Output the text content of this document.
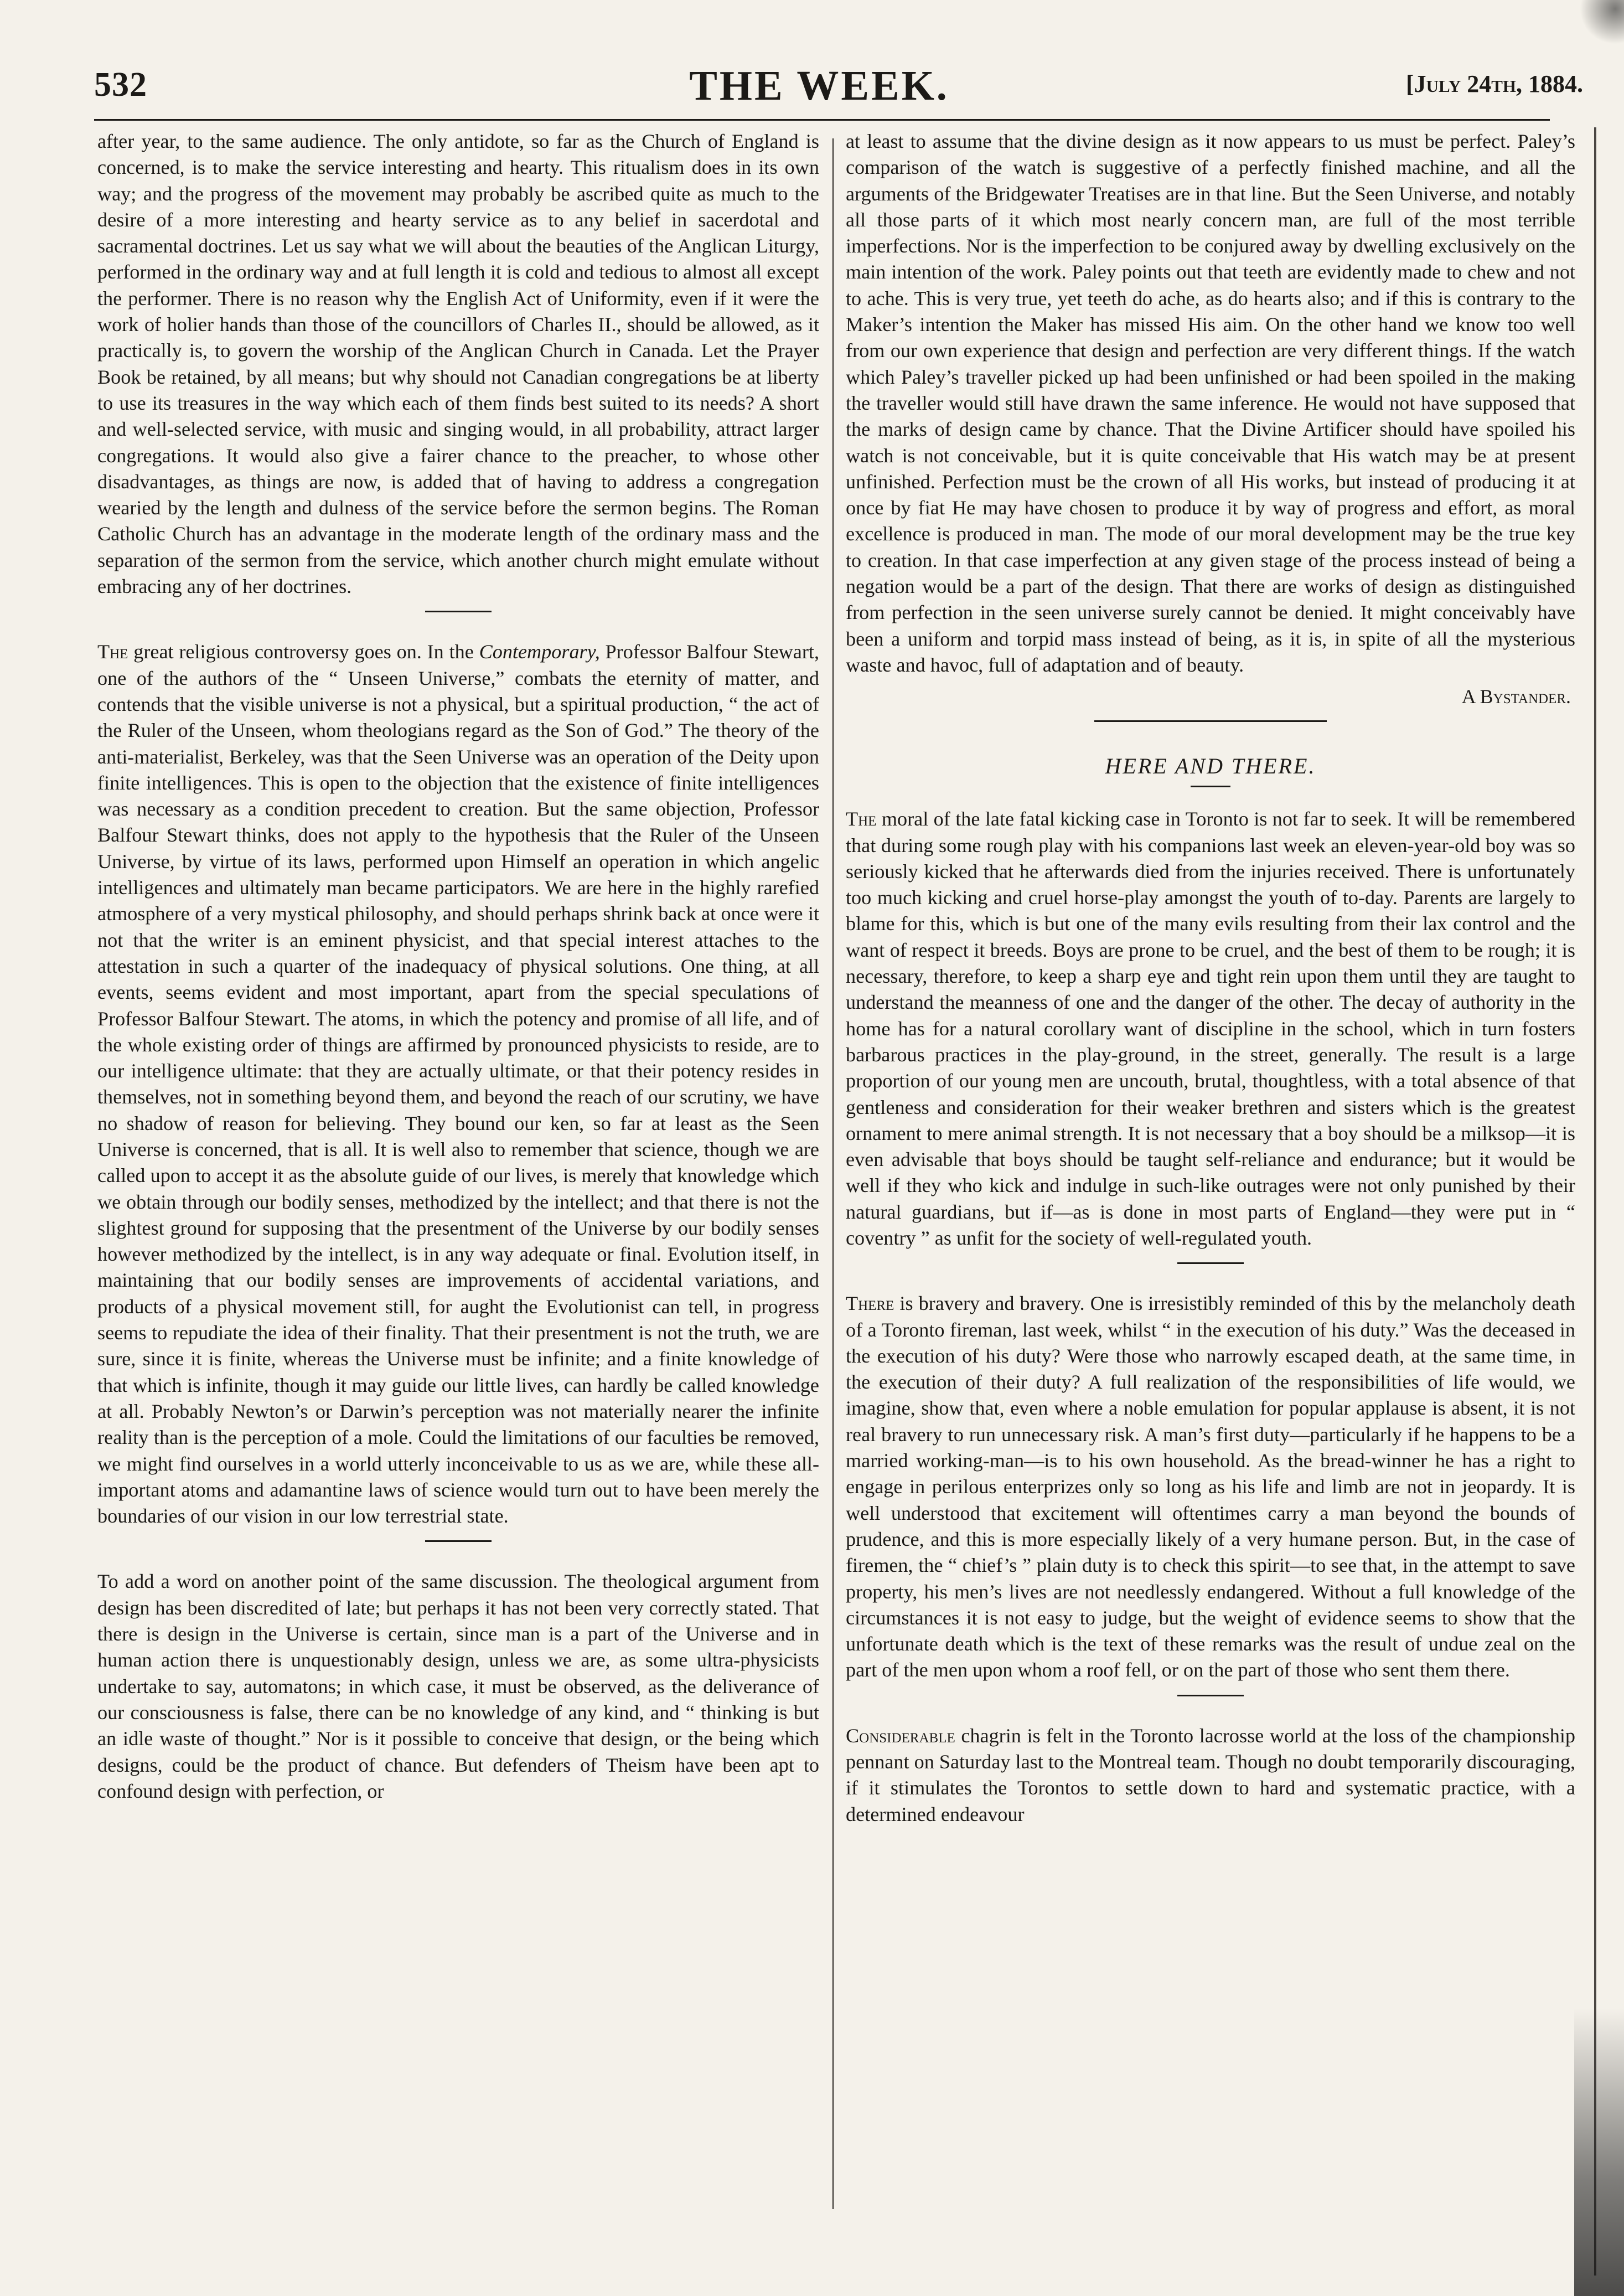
532	THE WEEK.	[July 24th, 1884.

after year, to the same audience. The only antidote, so far as the Church of England is concerned, is to make the service interesting and hearty. This ritualism does in its own way; and the progress of the movement may probably be ascribed quite as much to the desire of a more interesting and hearty service as to any belief in sacerdotal and sacramental doctrines. Let us say what we will about the beauties of the Anglican Liturgy, performed in the ordinary way and at full length it is cold and tedious to almost all except the performer. There is no reason why the English Act of Uniformity, even if it were the work of holier hands than those of the councillors of Charles II., should be allowed, as it practically is, to govern the worship of the Anglican Church in Canada. Let the Prayer Book be retained, by all means; but why should not Canadian congregations be at liberty to use its treasures in the way which each of them finds best suited to its needs? A short and well-selected service, with music and singing would, in all probability, attract larger congregations. It would also give a fairer chance to the preacher, to whose other disadvantages, as things are now, is added that of having to address a congregation wearied by the length and dulness of the service before the sermon begins. The Roman Catholic Church has an advantage in the moderate length of the ordinary mass and the separation of the sermon from the service, which another church might emulate without embracing any of her doctrines.

The great religious controversy goes on. In the Contemporary, Professor Balfour Stewart, one of the authors of the “ Unseen Universe,” combats the eternity of matter, and contends that the visible universe is not a physical, but a spiritual production, “ the act of the Ruler of the Unseen, whom theologians regard as the Son of God.” The theory of the anti-materialist, Berkeley, was that the Seen Universe was an operation of the Deity upon finite intelligences. This is open to the objection that the existence of finite intelligences was necessary as a condition precedent to creation. But the same objection, Professor Balfour Stewart thinks, does not apply to the hypothesis that the Ruler of the Unseen Universe, by virtue of its laws, performed upon Himself an operation in which angelic intelligences and ultimately man became participators. We are here in the highly rarefied atmosphere of a very mystical philosophy, and should perhaps shrink back at once were it not that the writer is an eminent physicist, and that special interest attaches to the attestation in such a quarter of the inadequacy of physical solutions. One thing, at all events, seems evident and most important, apart from the special speculations of Professor Balfour Stewart. The atoms, in which the potency and promise of all life, and of the whole existing order of things are affirmed by pronounced physicists to reside, are to our intelligence ultimate: that they are actually ultimate, or that their potency resides in themselves, not in something beyond them, and beyond the reach of our scrutiny, we have no shadow of reason for believing. They bound our ken, so far at least as the Seen Universe is concerned, that is all. It is well also to remember that science, though we are called upon to accept it as the absolute guide of our lives, is merely that knowledge which we obtain through our bodily senses, methodized by the intellect; and that there is not the slightest ground for supposing that the presentment of the Universe by our bodily senses however methodized by the intellect, is in any way adequate or final. Evolution itself, in maintaining that our bodily senses are improvements of accidental variations, and products of a physical movement still, for aught the Evolutionist can tell, in progress seems to repudiate the idea of their finality. That their presentment is not the truth, we are sure, since it is finite, whereas the Universe must be infinite; and a finite knowledge of that which is infinite, though it may guide our little lives, can hardly be called knowledge at all. Probably Newton’s or Darwin’s perception was not materially nearer the infinite reality than is the perception of a mole. Could the limitations of our faculties be removed, we might find ourselves in a world utterly inconceivable to us as we are, while these all-important atoms and adamantine laws of science would turn out to have been merely the boundaries of our vision in our low terrestrial state.

To add a word on another point of the same discussion. The theological argument from design has been discredited of late; but perhaps it has not been very correctly stated. That there is design in the Universe is certain, since man is a part of the Universe and in human action there is unquestionably design, unless we are, as some ultra-physicists undertake to say, automatons; in which case, it must be observed, as the deliverance of our consciousness is false, there can be no knowledge of any kind, and “ thinking is but an idle waste of thought.” Nor is it possible to conceive that design, or the being which designs, could be the product of chance. But defenders of Theism have been apt to confound design with perfection, or

at least to assume that the divine design as it now appears to us must be perfect. Paley’s comparison of the watch is suggestive of a perfectly finished machine, and all the arguments of the Bridgewater Treatises are in that line. But the Seen Universe, and notably all those parts of it which most nearly concern man, are full of the most terrible imperfections. Nor is the imperfection to be conjured away by dwelling exclusively on the main intention of the work. Paley points out that teeth are evidently made to chew and not to ache. This is very true, yet teeth do ache, as do hearts also; and if this is contrary to the Maker’s intention the Maker has missed His aim. On the other hand we know too well from our own experience that design and perfection are very different things. If the watch which Paley’s traveller picked up had been unfinished or had been spoiled in the making the traveller would still have drawn the same inference. He would not have supposed that the marks of design came by chance. That the Divine Artificer should have spoiled his watch is not conceivable, but it is quite conceivable that His watch may be at present unfinished. Perfection must be the crown of all His works, but instead of producing it at once by fiat He may have chosen to produce it by way of progress and effort, as moral excellence is produced in man. The mode of our moral development may be the true key to creation. In that case imperfection at any given stage of the process instead of being a negation would be a part of the design. That there are works of design as distinguished from perfection in the seen universe surely cannot be denied. It might conceivably have been a uniform and torpid mass instead of being, as it is, in spite of all the mysterious waste and havoc, full of adaptation and of beauty.

A Bystander.
HERE AND THERE.

The moral of the late fatal kicking case in Toronto is not far to seek. It will be remembered that during some rough play with his companions last week an eleven-year-old boy was so seriously kicked that he afterwards died from the injuries received. There is unfortunately too much kicking and cruel horse-play amongst the youth of to-day. Parents are largely to blame for this, which is but one of the many evils resulting from their lax control and the want of respect it breeds. Boys are prone to be cruel, and the best of them to be rough; it is necessary, therefore, to keep a sharp eye and tight rein upon them until they are taught to understand the meanness of one and the danger of the other. The decay of authority in the home has for a natural corollary want of discipline in the school, which in turn fosters barbarous practices in the play-ground, in the street, generally. The result is a large proportion of our young men are uncouth, brutal, thoughtless, with a total absence of that gentleness and consideration for their weaker brethren and sisters which is the greatest ornament to mere animal strength. It is not necessary that a boy should be a milksop—it is even advisable that boys should be taught self-reliance and endurance; but it would be well if they who kick and indulge in such-like outrages were not only punished by their natural guardians, but if—as is done in most parts of England—they were put in “ coventry ” as unfit for the society of well-regulated youth.

There is bravery and bravery. One is irresistibly reminded of this by the melancholy death of a Toronto fireman, last week, whilst “ in the execution of his duty.” Was the deceased in the execution of his duty? Were those who narrowly escaped death, at the same time, in the execution of their duty? A full realization of the responsibilities of life would, we imagine, show that, even where a noble emulation for popular applause is absent, it is not real bravery to run unnecessary risk. A man’s first duty—particularly if he happens to be a married working-man—is to his own household. As the bread-winner he has a right to engage in perilous enterprizes only so long as his life and limb are not in jeopardy. It is well understood that excitement will oftentimes carry a man beyond the bounds of prudence, and this is more especially likely of a very humane person. But, in the case of firemen, the “ chief’s ” plain duty is to check this spirit—to see that, in the attempt to save property, his men’s lives are not needlessly endangered. Without a full knowledge of the circumstances it is not easy to judge, but the weight of evidence seems to show that the unfortunate death which is the text of these remarks was the result of undue zeal on the part of the men upon whom a roof fell, or on the part of those who sent them there.

Considerable chagrin is felt in the Toronto lacrosse world at the loss of the championship pennant on Saturday last to the Montreal team. Though no doubt temporarily discouraging, if it stimulates the Torontos to settle down to hard and systematic practice, with a determined endeavour
